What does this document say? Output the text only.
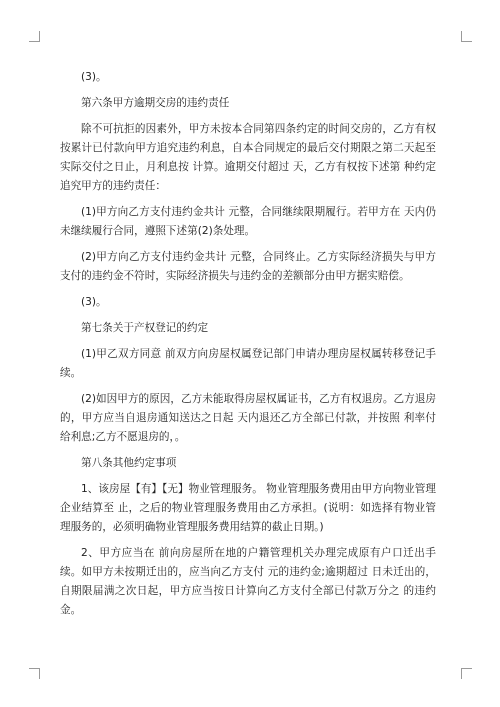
(3)。

第六条甲方逾期交房的违约责任

除不可抗拒的因素外，甲方未按本合同第四条约定的时间交房的，乙方有权按累计已付款向甲方追究违约利息，自本合同规定的最后交付期限之第二天起至实际交付之日止，月利息按 计算。逾期交付超过 天，乙方有权按下述第 种约定追究甲方的违约责任：

(1)甲方向乙方支付违约金共计 元整，合同继续限期履行。若甲方在 天内仍未继续履行合同，遵照下述第(2)条处理。

(2)甲方向乙方支付违约金共计 元整，合同终止。乙方实际经济损失与甲方支付的违约金不符时，实际经济损失与违约金的差额部分由甲方据实赔偿。

(3)。

第七条关于产权登记的约定

(1)甲乙双方同意 前双方向房屋权属登记部门申请办理房屋权属转移登记手续。

(2)如因甲方的原因，乙方未能取得房屋权属证书，乙方有权退房。乙方退房的，甲方应当自退房通知送达之日起 天内退还乙方全部已付款，并按照 利率付给利息;乙方不愿退房的，。

第八条其他约定事项

1、该房屋【有】【无】物业管理服务。 物业管理服务费用由甲方向物业管理企业结算至 止，之后的物业管理服务费用由乙方承担。(说明：如选择有物业管理服务的，必须明确物业管理服务费用结算的截止日期。)

2、甲方应当在 前向房屋所在地的户籍管理机关办理完成原有户口迁出手续。如甲方未按期迁出的，应当向乙方支付 元的违约金;逾期超过 日未迁出的，自期限届满之次日起，甲方应当按日计算向乙方支付全部已付款万分之 的违约金。
